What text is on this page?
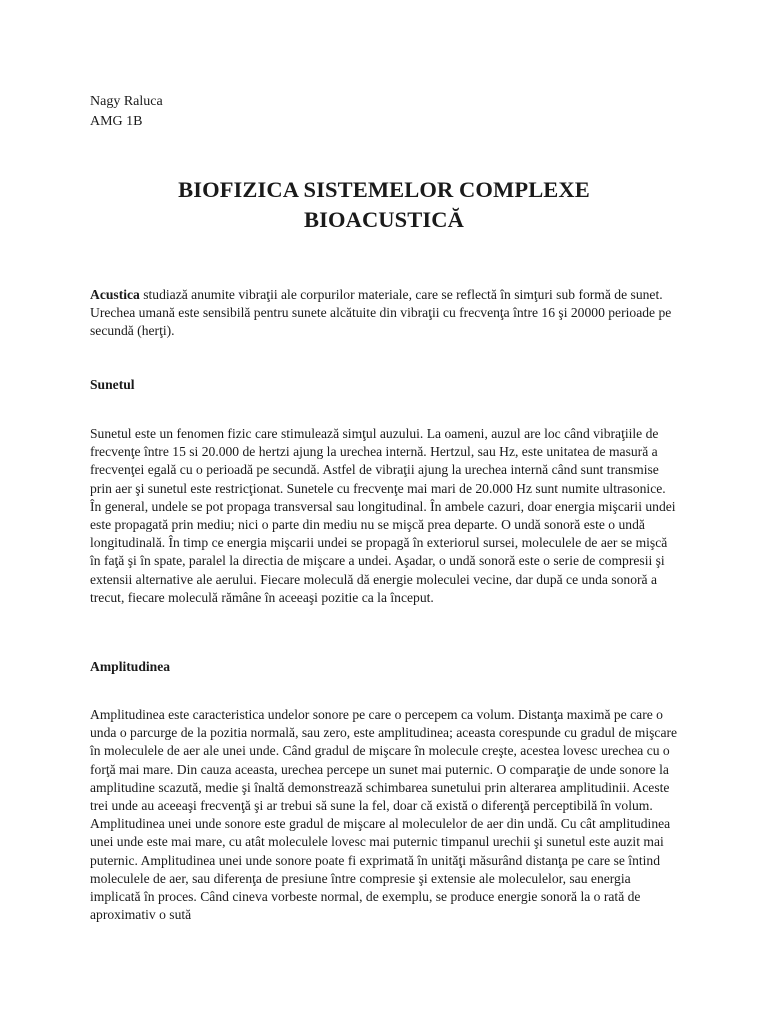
Nagy Raluca
AMG 1B
BIOFIZICA SISTEMELOR COMPLEXE
BIOACUSTICĂ
Acustica studiază anumite vibraţii ale corpurilor materiale, care se reflectă în simţuri sub formă de sunet. Urechea umană este sensibilă pentru sunete alcătuite din vibraţii cu frecvenţa între 16 şi 20000 perioade pe secundă (herţi).
Sunetul
Sunetul este un fenomen fizic care stimulează simţul auzului. La oameni, auzul are loc când vibraţiile de frecvenţe între 15 si 20.000 de hertzi ajung la urechea internă. Hertzul, sau Hz, este unitatea de masură a frecvenţei egală cu o perioadă pe secundă. Astfel de vibraţii ajung la urechea internă când sunt transmise prin aer şi sunetul este restricţionat. Sunetele cu frecvenţe mai mari de 20.000 Hz sunt numite ultrasonice. În general, undele se pot propaga transversal sau longitudinal. În ambele cazuri, doar energia mişcarii undei este propagată prin mediu; nici o parte din mediu nu se mişcă prea departe. O undă sonoră este o undă longitudinală. În timp ce energia mişcarii undei se propagă în exteriorul sursei, moleculele de aer se mişcă în faţă şi în spate, paralel la directia de mişcare a undei. Aşadar, o undă sonoră este o serie de compresii şi extensii alternative ale aerului. Fiecare moleculă dă energie moleculei vecine, dar după ce unda sonoră a trecut, fiecare moleculă rămâne în aceeaşi pozitie ca la început.
Amplitudinea
Amplitudinea este caracteristica undelor sonore pe care o percepem ca volum. Distanţa maximă pe care o unda o parcurge de la pozitia normală, sau zero, este amplitudinea; aceasta corespunde cu gradul de mişcare în moleculele de aer ale unei unde. Când gradul de mişcare în molecule creşte, acestea lovesc urechea cu o forţă mai mare. Din cauza aceasta, urechea percepe un sunet mai puternic. O comparaţie de unde sonore la amplitudine scazută, medie şi înaltă demonstrează schimbarea sunetului prin alterarea amplitudinii. Aceste trei unde au aceeaşi frecvenţă şi ar trebui să sune la fel, doar că există o diferenţă perceptibilă în volum. Amplitudinea unei unde sonore este gradul de mişcare al moleculelor de aer din undă. Cu cât amplitudinea unei unde este mai mare, cu atât moleculele lovesc mai puternic timpanul urechii şi sunetul este auzit mai puternic. Amplitudinea unei unde sonore poate fi exprimată în unităţi măsurând distanţa pe care se întind moleculele de aer, sau diferenţa de presiune între compresie şi extensie ale moleculelor, sau energia implicată în proces. Când cineva vorbeste normal, de exemplu, se produce energie sonoră la o rată de aproximativ o sută
